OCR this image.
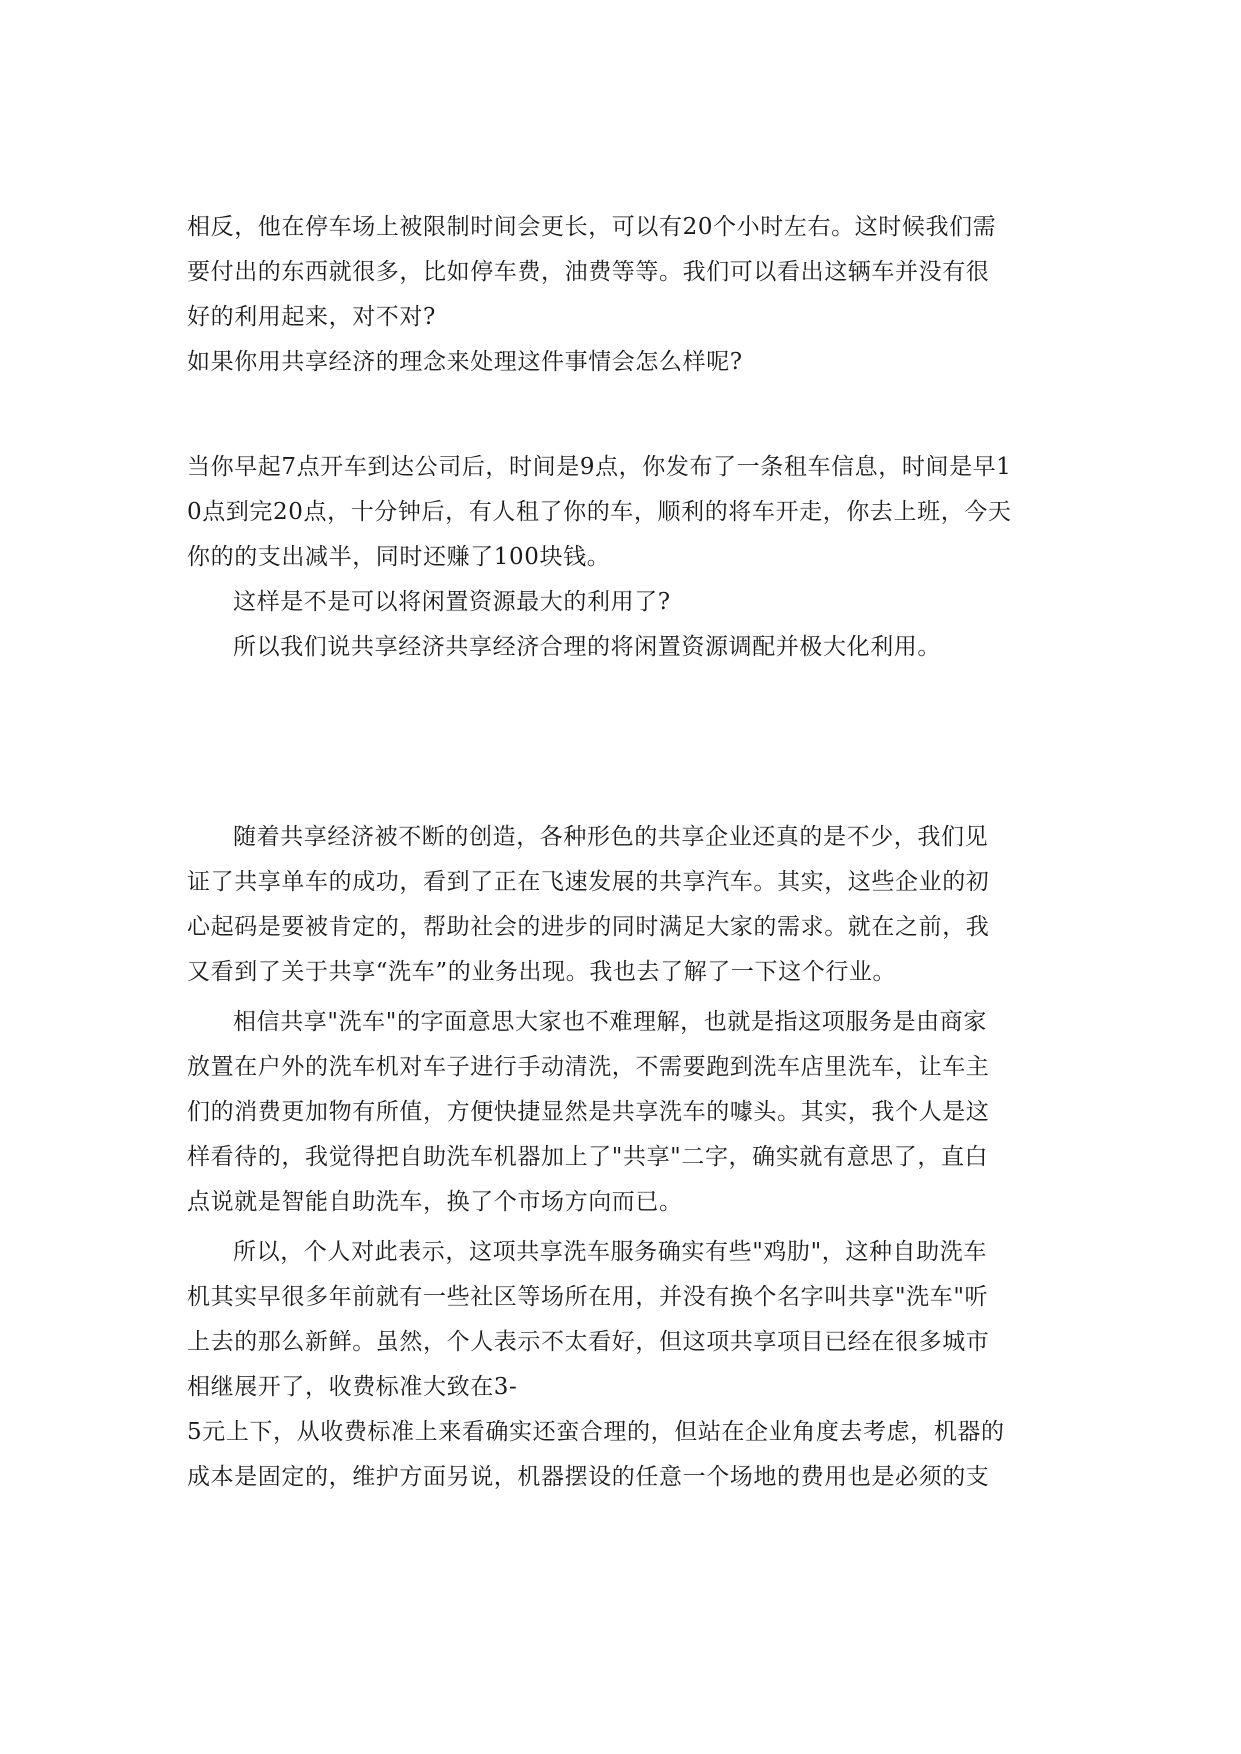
相反，他在停车场上被限制时间会更长，可以有20个小时左右。这时候我们需
要付出的东西就很多，比如停车费，油费等等。我们可以看出这辆车并没有很
好的利用起来，对不对?

如果你用共享经济的理念来处理这件事情会怎么样呢?

当你早起7点开车到达公司后，时间是9点，你发布了一条租车信息，时间是早1
0点到完20点，十分钟后，有人租了你的车，顺利的将车开走，你去上班，今天
你的的支出减半，同时还赚了100块钱。

这样是不是可以将闲置资源最大的利用了?

所以我们说共享经济共享经济合理的将闲置资源调配并极大化利用。

随着共享经济被不断的创造，各种形色的共享企业还真的是不少，我们见
证了共享单车的成功，看到了正在飞速发展的共享汽车。其实，这些企业的初
心起码是要被肯定的，帮助社会的进步的同时满足大家的需求。就在之前，我
又看到了关于共享“洗车”的业务出现。我也去了解了一下这个行业。

相信共享"洗车"的字面意思大家也不难理解，也就是指这项服务是由商家
放置在户外的洗车机对车子进行手动清洗，不需要跑到洗车店里洗车，让车主
们的消费更加物有所值，方便快捷显然是共享洗车的噱头。其实，我个人是这
样看待的，我觉得把自助洗车机器加上了"共享"二字，确实就有意思了，直白
点说就是智能自助洗车，换了个市场方向而已。

所以，个人对此表示，这项共享洗车服务确实有些"鸡肋"，这种自助洗车
机其实早很多年前就有一些社区等场所在用，并没有换个名字叫共享"洗车"听
上去的那么新鲜。虽然，个人表示不太看好，但这项共享项目已经在很多城市
相继展开了，收费标准大致在3-
5元上下，从收费标准上来看确实还蛮合理的，但站在企业角度去考虑，机器的
成本是固定的，维护方面另说，机器摆设的任意一个场地的费用也是必须的支
